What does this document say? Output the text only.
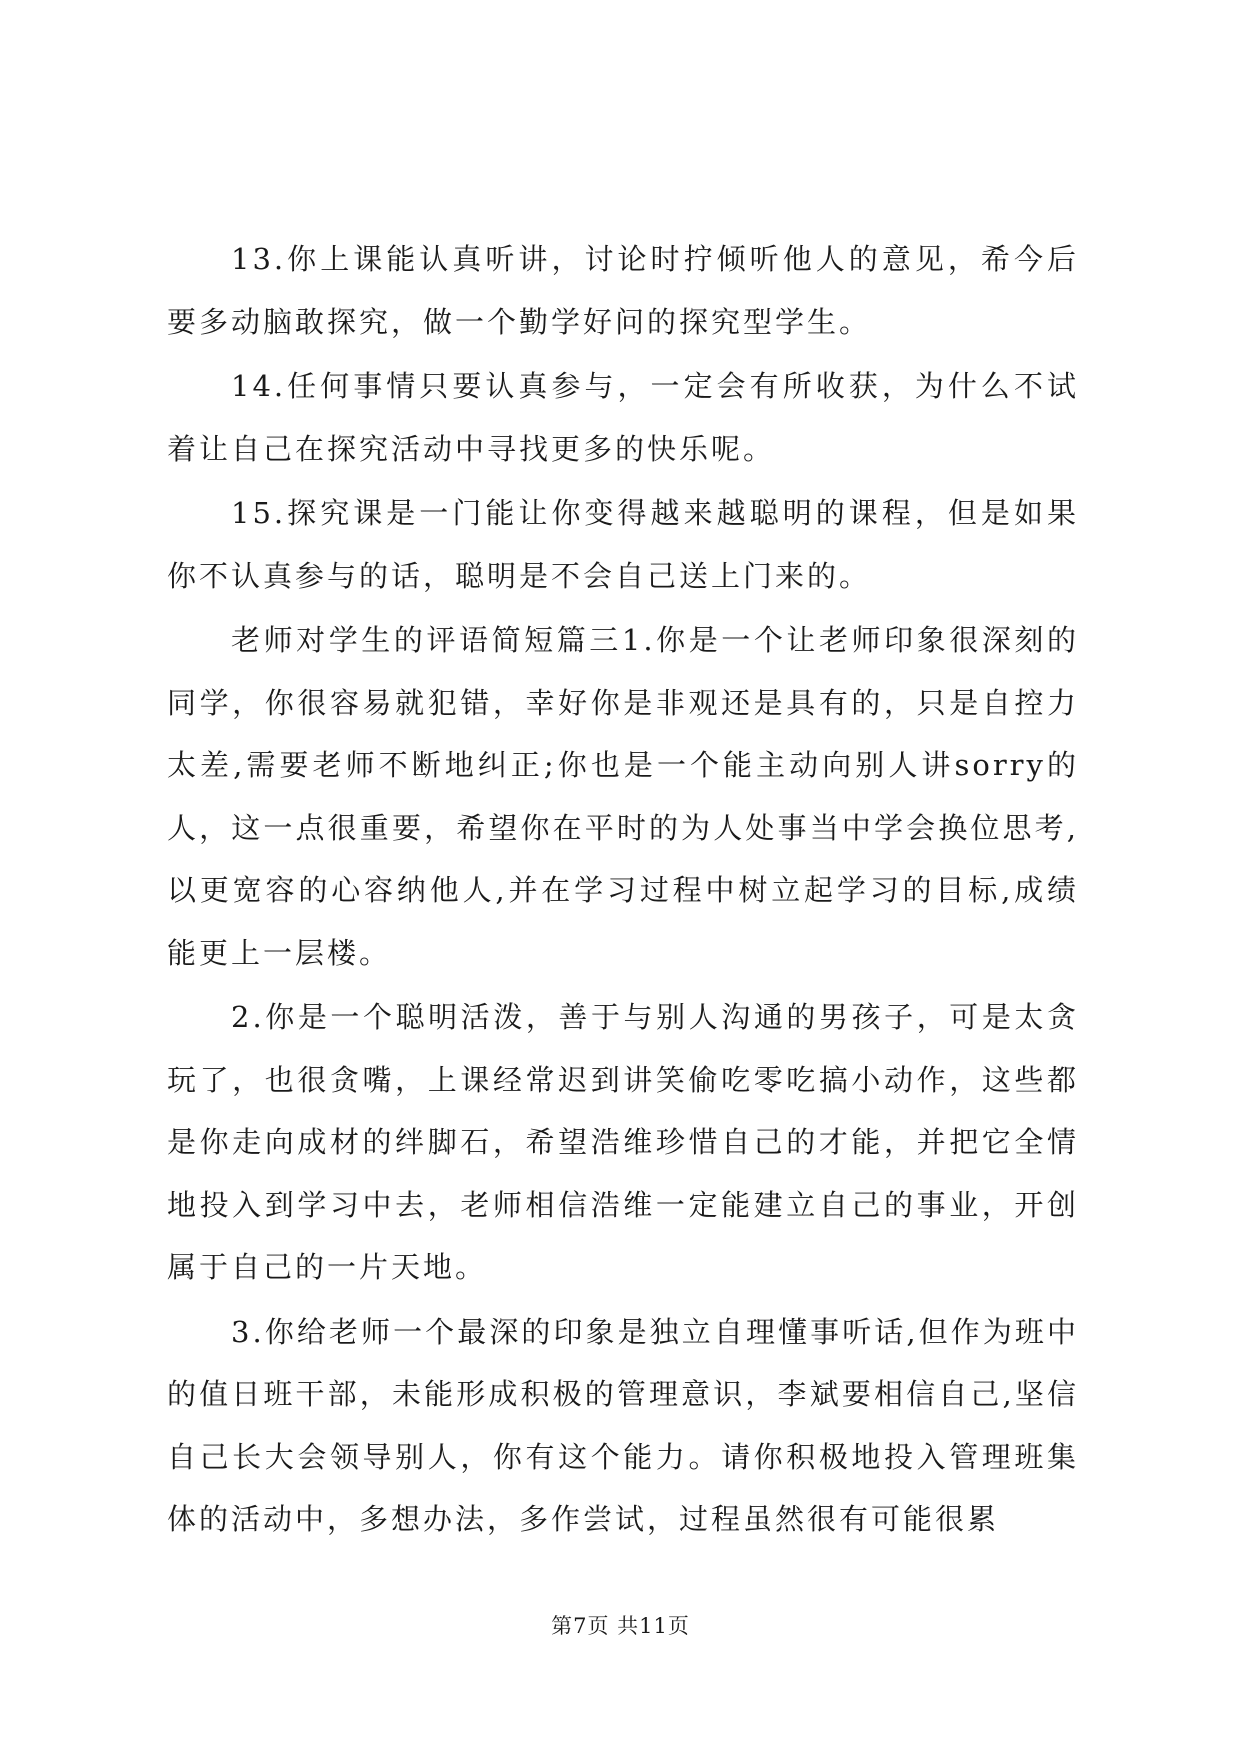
13.你上课能认真听讲，讨论时拧倾听他人的意见，希今后要多动脑敢探究，做一个勤学好问的探究型学生。

14.任何事情只要认真参与，一定会有所收获，为什么不试着让自己在探究活动中寻找更多的快乐呢。

15.探究课是一门能让你变得越来越聪明的课程，但是如果你不认真参与的话，聪明是不会自己送上门来的。

老师对学生的评语简短篇三1.你是一个让老师印象很深刻的同学，你很容易就犯错，幸好你是非观还是具有的，只是自控力太差,需要老师不断地纠正;你也是一个能主动向别人讲sorry的人，这一点很重要，希望你在平时的为人处事当中学会换位思考,以更宽容的心容纳他人,并在学习过程中树立起学习的目标,成绩能更上一层楼。

2.你是一个聪明活泼，善于与别人沟通的男孩子，可是太贪玩了，也很贪嘴，上课经常迟到讲笑偷吃零吃搞小动作，这些都是你走向成材的绊脚石，希望浩维珍惜自己的才能，并把它全情地投入到学习中去，老师相信浩维一定能建立自己的事业，开创属于自己的一片天地。

3.你给老师一个最深的印象是独立自理懂事听话,但作为班中的值日班干部，未能形成积极的管理意识，李斌要相信自己,坚信自己长大会领导别人，你有这个能力。请你积极地投入管理班集体的活动中，多想办法，多作尝试，过程虽然很有可能很累

第7页 共11页
